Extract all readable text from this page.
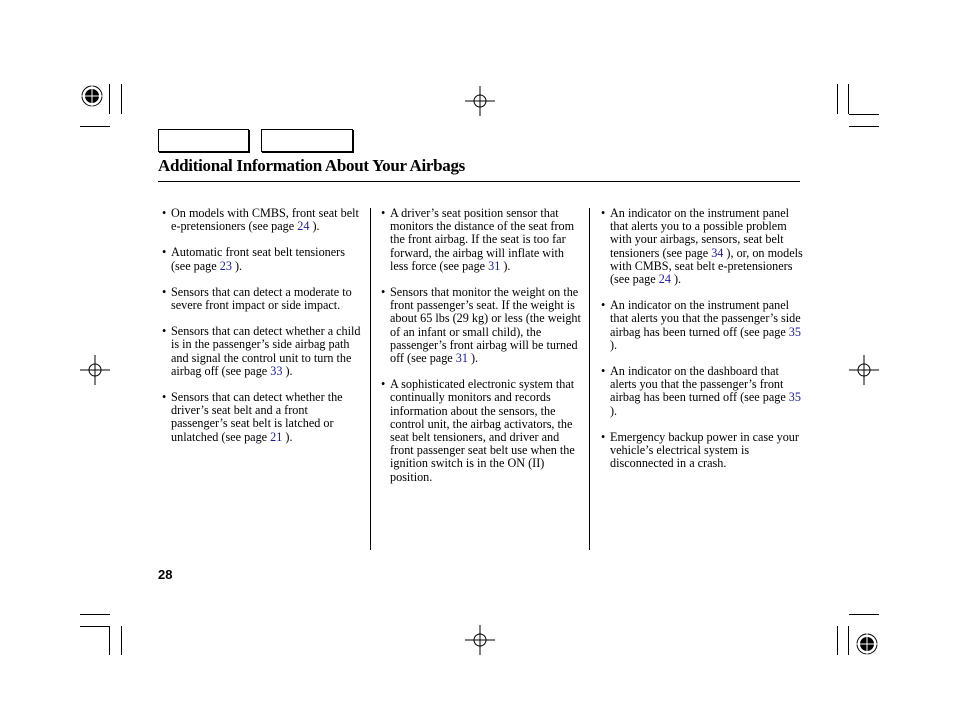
Additional Information About Your Airbags

• On models with CMBS, front seat belt e-pretensioners (see page 24 ).

• Automatic front seat belt tensioners (see page 23 ).

• Sensors that can detect a moderate to severe front impact or side impact.

• Sensors that can detect whether a child is in the passenger’s side airbag path and signal the control unit to turn the airbag off (see page 33 ).

• Sensors that can detect whether the driver’s seat belt and a front passenger’s seat belt is latched or unlatched (see page 21 ).

• A driver’s seat position sensor that monitors the distance of the seat from the front airbag. If the seat is too far forward, the airbag will inflate with less force (see page 31 ).

• Sensors that monitor the weight on the front passenger’s seat. If the weight is about 65 lbs (29 kg) or less (the weight of an infant or small child), the passenger’s front airbag will be turned off (see page 31 ).

• A sophisticated electronic system that continually monitors and records information about the sensors, the control unit, the airbag activators, the seat belt tensioners, and driver and front passenger seat belt use when the ignition switch is in the ON (II) position.

• An indicator on the instrument panel that alerts you to a possible problem with your airbags, sensors, seat belt tensioners (see page 34 ), or, on models with CMBS, seat belt e-pretensioners (see page 24 ).

• An indicator on the instrument panel that alerts you that the passenger’s side airbag has been turned off (see page 35 ).

• An indicator on the dashboard that alerts you that the passenger’s front airbag has been turned off (see page 35 ).

• Emergency backup power in case your vehicle’s electrical system is disconnected in a crash.

28
